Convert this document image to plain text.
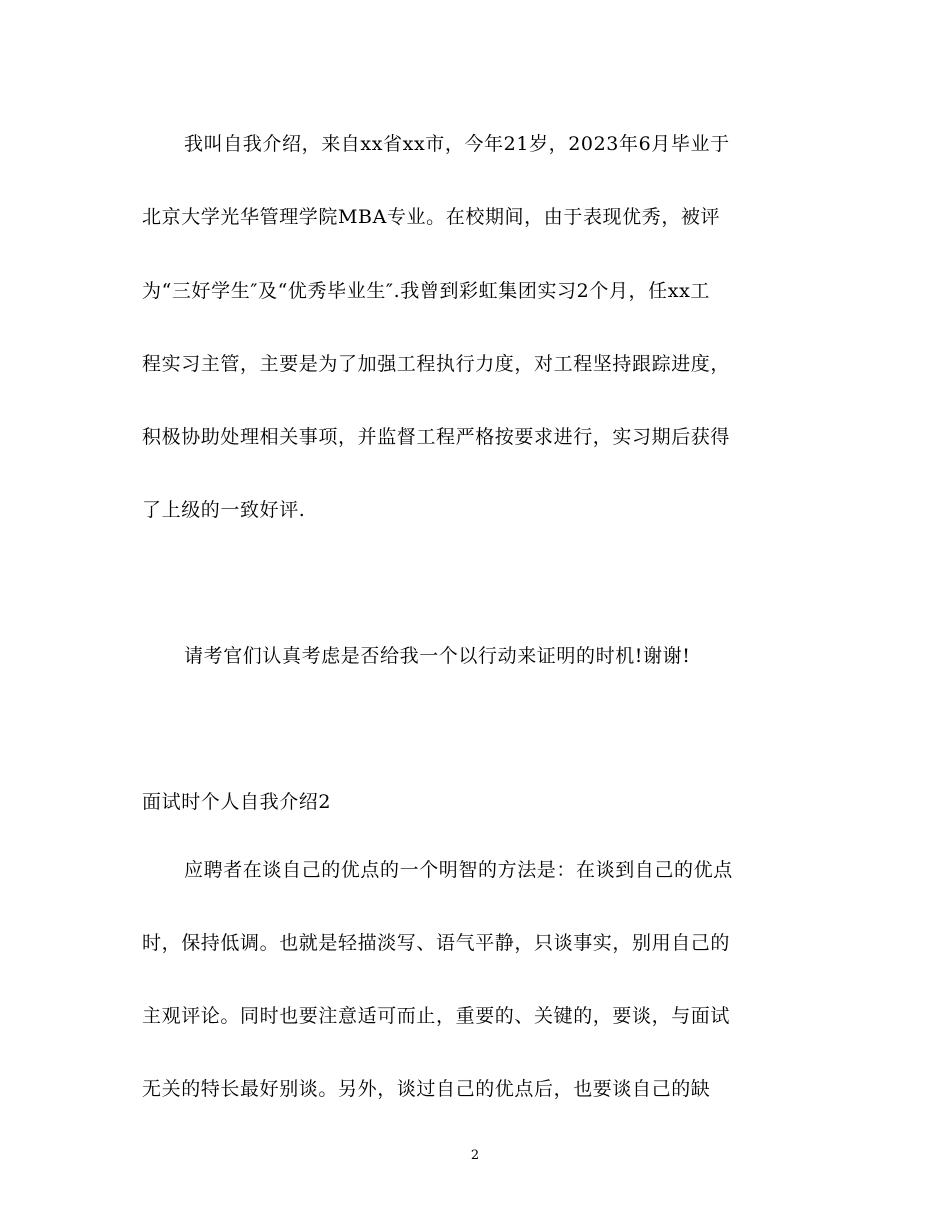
我叫自我介绍，来自xx省xx市，今年21岁，2023年6月毕业于
北京大学光华管理学院MBA专业。在校期间，由于表现优秀，被评
为“三好学生″及“优秀毕业生″.我曾到彩虹集团实习2个月，任xx工
程实习主管，主要是为了加强工程执行力度，对工程坚持跟踪进度，
积极协助处理相关事项，并监督工程严格按要求进行，实习期后获得
了上级的一致好评.
请考官们认真考虑是否给我一个以行动来证明的时机!谢谢!
面试时个人自我介绍2
应聘者在谈自己的优点的一个明智的方法是：在谈到自己的优点
时，保持低调。也就是轻描淡写、语气平静，只谈事实，别用自己的
主观评论。同时也要注意适可而止，重要的、关键的，要谈，与面试
无关的特长最好别谈。另外，谈过自己的优点后，也要谈自己的缺
2
